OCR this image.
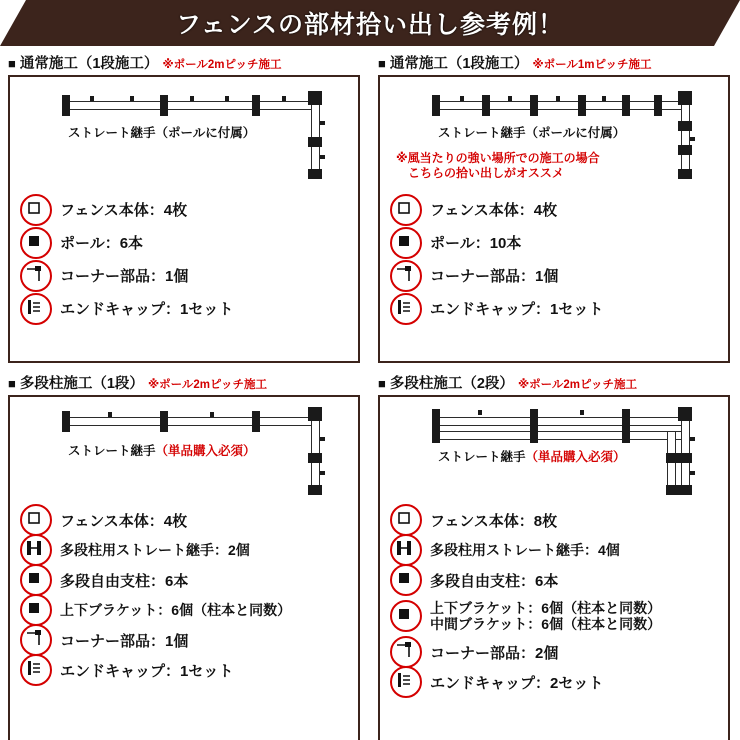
フェンスの部材拾い出し参考例！
■ 通常施工（1段施工） ※ポール2mピッチ施工
ストレート継手（ポールに付属）
フェンス本体：4枚
ポール：6本
コーナー部品：1個
エンドキャップ：1セット
■ 通常施工（1段施工） ※ポール1mピッチ施工
ストレート継手（ポールに付属）
※風当たりの強い場所での施工の場合
　こちらの拾い出しがオススメ
フェンス本体：4枚
ポール：10本
コーナー部品：1個
エンドキャップ：1セット
■ 多段柱施工（1段） ※ポール2mピッチ施工
ストレート継手（単品購入必須）
フェンス本体：4枚
多段柱用ストレート継手：2個
多段自由支柱：6本
上下ブラケット：6個（柱本と同数）
コーナー部品：1個
エンドキャップ：1セット
■ 多段柱施工（2段） ※ポール2mピッチ施工
ストレート継手（単品購入必須）
フェンス本体：8枚
多段柱用ストレート継手：4個
多段自由支柱：6本
上下ブラケット：6個（柱本と同数）
中間ブラケット：6個（柱本と同数）
コーナー部品：2個
エンドキャップ：2セット
